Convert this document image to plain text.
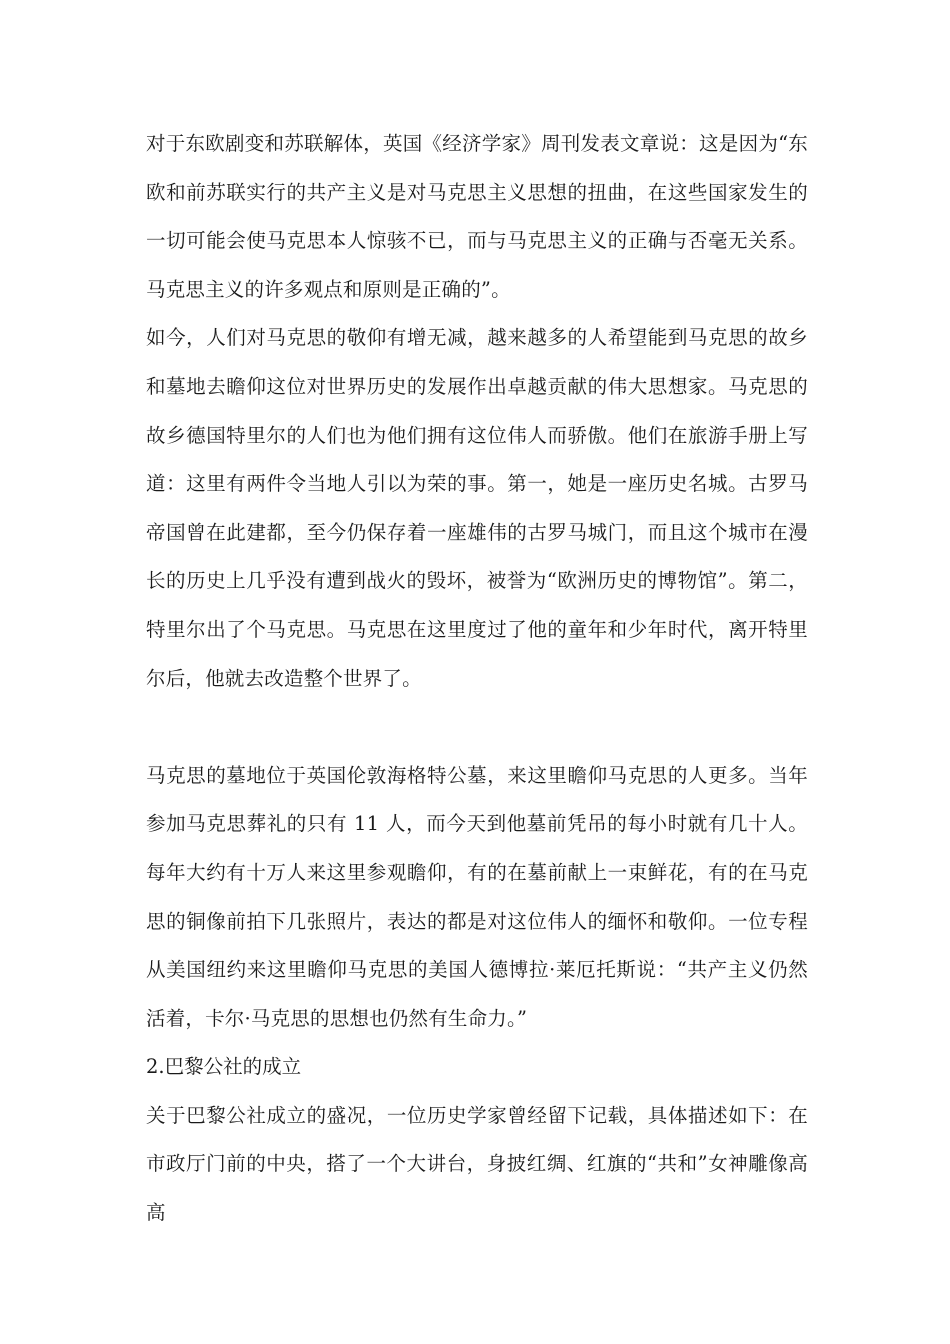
对于东欧剧变和苏联解体，英国《经济学家》周刊发表文章说：这是因为“东欧和前苏联实行的共产主义是对马克思主义思想的扭曲，在这些国家发生的一切可能会使马克思本人惊骇不已，而与马克思主义的正确与否毫无关系。马克思主义的许多观点和原则是正确的”。

如今，人们对马克思的敬仰有增无减，越来越多的人希望能到马克思的故乡和墓地去瞻仰这位对世界历史的发展作出卓越贡献的伟大思想家。马克思的故乡德国特里尔的人们也为他们拥有这位伟人而骄傲。他们在旅游手册上写道：这里有两件令当地人引以为荣的事。第一，她是一座历史名城。古罗马帝国曾在此建都，至今仍保存着一座雄伟的古罗马城门，而且这个城市在漫长的历史上几乎没有遭到战火的毁坏，被誉为“欧洲历史的博物馆”。第二，特里尔出了个马克思。马克思在这里度过了他的童年和少年时代，离开特里尔后，他就去改造整个世界了。

马克思的墓地位于英国伦敦海格特公墓，来这里瞻仰马克思的人更多。当年参加马克思葬礼的只有 11 人，而今天到他墓前凭吊的每小时就有几十人。每年大约有十万人来这里参观瞻仰，有的在墓前献上一束鲜花，有的在马克思的铜像前拍下几张照片，表达的都是对这位伟人的缅怀和敬仰。一位专程从美国纽约来这里瞻仰马克思的美国人德博拉·莱厄托斯说：“共产主义仍然活着，卡尔·马克思的思想也仍然有生命力。”

2.巴黎公社的成立

关于巴黎公社成立的盛况，一位历史学家曾经留下记载，具体描述如下：在市政厅门前的中央，搭了一个大讲台，身披红绸、红旗的“共和”女神雕像高高
